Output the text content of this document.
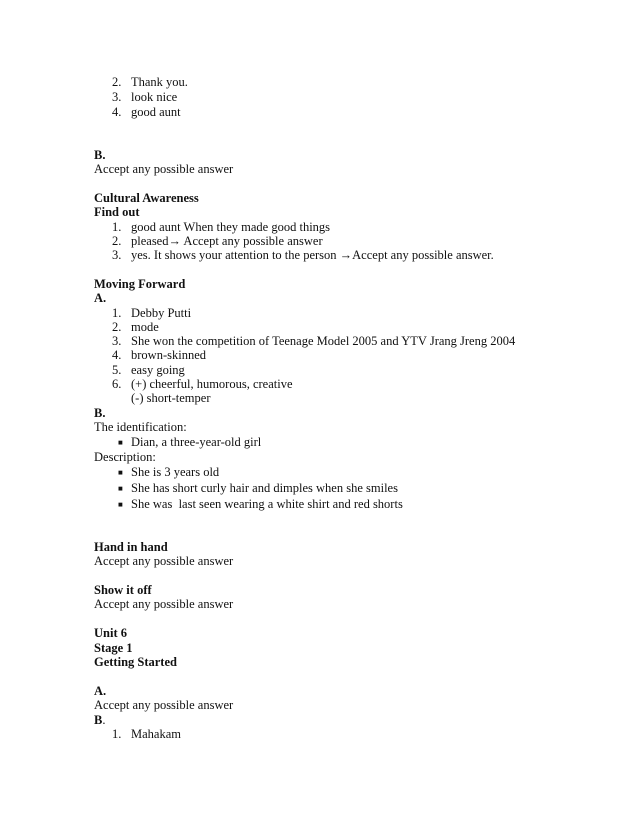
2. Thank you.
3. look nice
4. good aunt
B.
Accept any possible answer
Cultural Awareness
Find out
1. good aunt When they made good things
2. pleased→ Accept any possible answer
3. yes. It shows your attention to the person →Accept any possible answer.
Moving Forward
A.
1. Debby Putti
2. mode
3. She won the competition of Teenage Model 2005 and YTV Jrang Jreng 2004
4. brown-skinned
5. easy going
6. (+) cheerful, humorous, creative
(-) short-temper
B.
The identification:
■ Dian, a three-year-old girl
Description:
■ She is 3 years old
■ She has short curly hair and dimples when she smiles
■ She was  last seen wearing a white shirt and red shorts
Hand in hand
Accept any possible answer
Show it off
Accept any possible answer
Unit 6
Stage 1
Getting Started
A.
Accept any possible answer
B.
1. Mahakam
